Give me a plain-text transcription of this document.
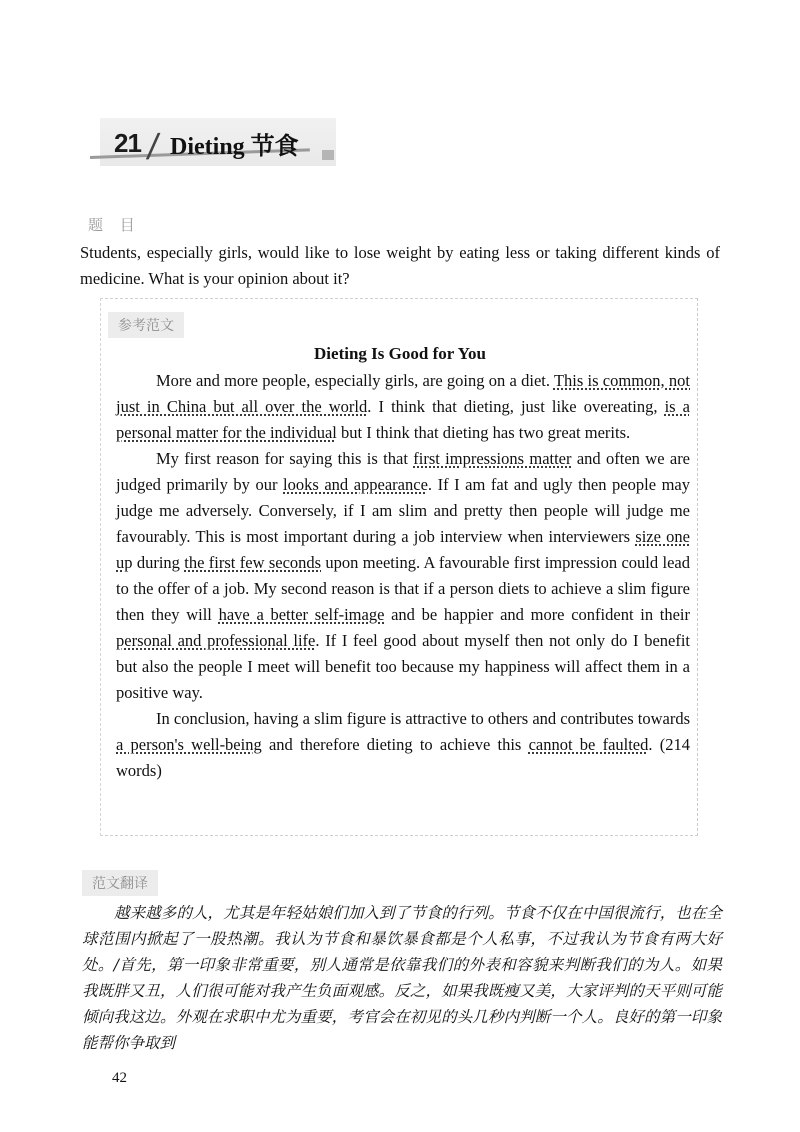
21 / Dieting 节食
题 目
Students, especially girls, would like to lose weight by eating less or taking different kinds of medicine. What is your opinion about it?
参考范文
Dieting Is Good for You

More and more people, especially girls, are going on a diet. This is common, not just in China but all over the world. I think that dieting, just like overeating, is a personal matter for the individual but I think that dieting has two great merits.

My first reason for saying this is that first impressions matter and often we are judged primarily by our looks and appearance. If I am fat and ugly then people may judge me adversely. Conversely, if I am slim and pretty then people will judge me favourably. This is most important during a job interview when interviewers size one up during the first few seconds upon meeting. A favourable first impression could lead to the offer of a job. My second reason is that if a person diets to achieve a slim figure then they will have a better self-image and be happier and more confident in their personal and professional life. If I feel good about myself then not only do I benefit but also the people I meet will benefit too because my happiness will affect them in a positive way.

In conclusion, having a slim figure is attractive to others and contributes towards a person's well-being and therefore dieting to achieve this cannot be faulted. (214 words)

范文翻译

越来越多的人，尤其是年轻姑娘们加入到了节食的行列。节食不仅在中国很流行，也在全球范围内掀起了一股热潮。我认为节食和暴饮暴食都是个人私事，不过我认为节食有两大好处。/首先，第一印象非常重要，别人通常是依靠我们的外表和容貌来判断我们的为人。如果我既胖又丑，人们很可能对我产生负面观感。反之，如果我既瘦又美，大家评判的天平则可能倾向我这边。外观在求职中尤为重要，考官会在初见的头几秒内判断一个人。良好的第一印象能帮你争取到

42
